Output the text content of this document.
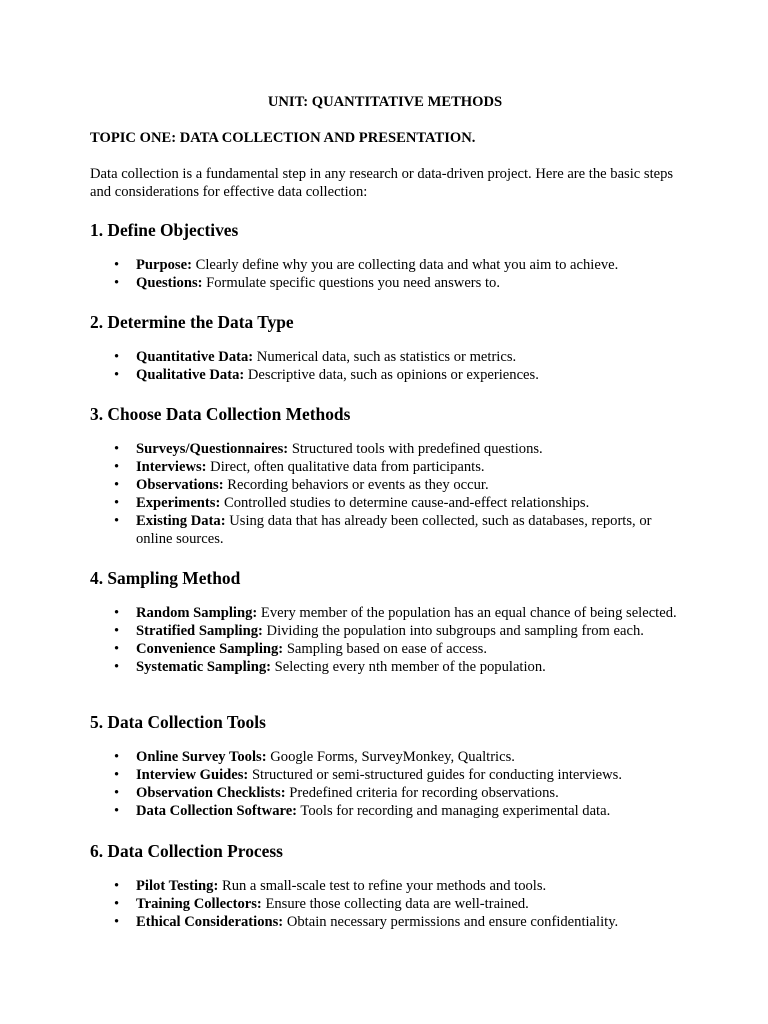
UNIT: QUANTITATIVE METHODS

TOPIC ONE: DATA COLLECTION AND PRESENTATION.

Data collection is a fundamental step in any research or data-driven project. Here are the basic steps and considerations for effective data collection:

1. Define Objectives
• Purpose: Clearly define why you are collecting data and what you aim to achieve.
• Questions: Formulate specific questions you need answers to.
2. Determine the Data Type
• Quantitative Data: Numerical data, such as statistics or metrics.
• Qualitative Data: Descriptive data, such as opinions or experiences.
3. Choose Data Collection Methods
• Surveys/Questionnaires: Structured tools with predefined questions.
• Interviews: Direct, often qualitative data from participants.
• Observations: Recording behaviors or events as they occur.
• Experiments: Controlled studies to determine cause-and-effect relationships.
• Existing Data: Using data that has already been collected, such as databases, reports, or online sources.
4. Sampling Method
• Random Sampling: Every member of the population has an equal chance of being selected.
• Stratified Sampling: Dividing the population into subgroups and sampling from each.
• Convenience Sampling: Sampling based on ease of access.
• Systematic Sampling: Selecting every nth member of the population.
5. Data Collection Tools
• Online Survey Tools: Google Forms, SurveyMonkey, Qualtrics.
• Interview Guides: Structured or semi-structured guides for conducting interviews.
• Observation Checklists: Predefined criteria for recording observations.
• Data Collection Software: Tools for recording and managing experimental data.
6. Data Collection Process
• Pilot Testing: Run a small-scale test to refine your methods and tools.
• Training Collectors: Ensure those collecting data are well-trained.
• Ethical Considerations: Obtain necessary permissions and ensure confidentiality.
